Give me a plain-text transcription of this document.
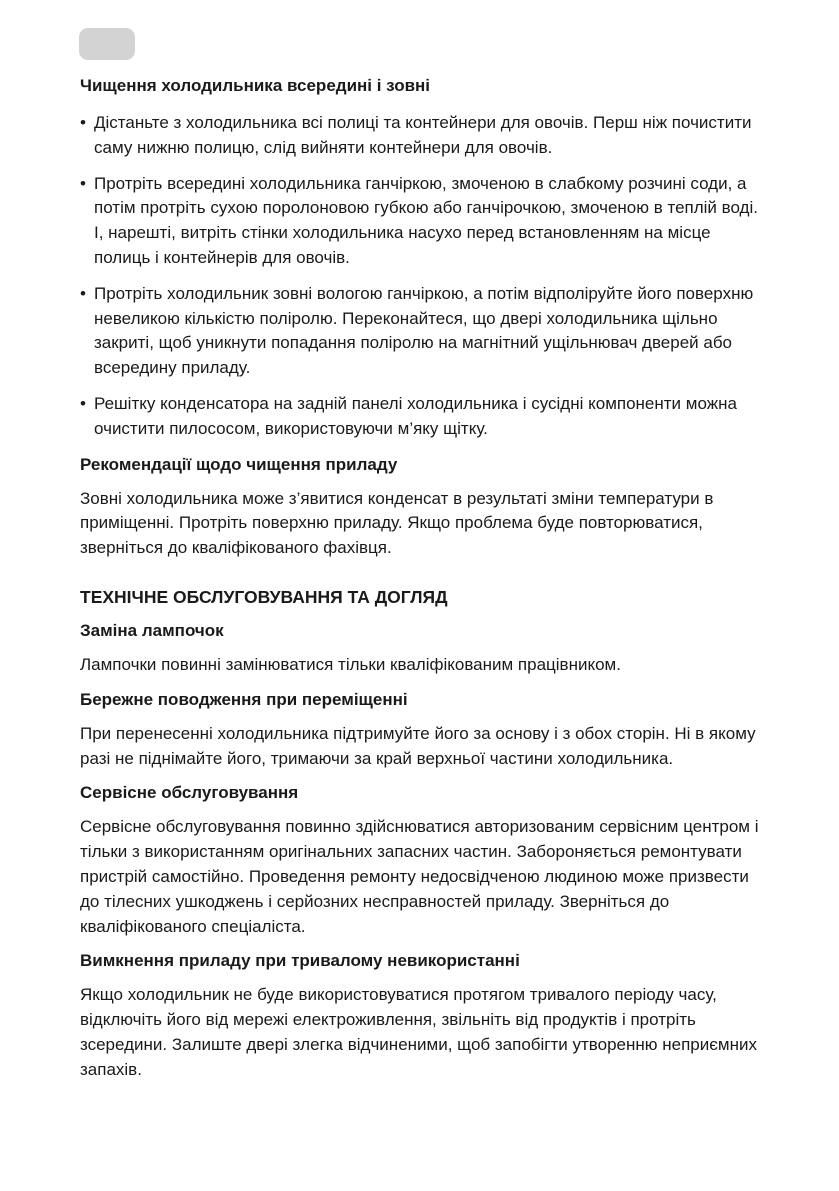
Чищення холодильника всередині і зовні
• Дістаньте з холодильника всі полиці та контейнери для овочів. Перш ніж почистити саму нижню полицю, слід вийняти контейнери для овочів.
• Протріть всередині холодильника ганчіркою, змоченою в слабкому розчині соди, а потім протріть сухою поролоновою губкою або ганчірочкою, змоченою в теплій воді. І, нарешті, витріть стінки холодильника насухо перед встановленням на місце полиць і контейнерів для овочів.
• Протріть холодильник зовні вологою ганчіркою, а потім відполіруйте його поверхню невеликою кількістю поліролю. Переконайтеся, що двері холодильника щільно закриті, щоб уникнути попадання поліролю на магнітний ущільнювач дверей або всередину приладу.
• Решітку конденсатора на задній панелі холодильника і сусідні компоненти можна очистити пилососом, використовуючи м’яку щітку.
Рекомендації щодо чищення приладу

Зовні холодильника може з’явитися конденсат в результаті зміни температури в приміщенні. Протріть поверхню приладу. Якщо проблема буде повторюватися, зверніться до кваліфікованого фахівця.

ТЕХНІЧНЕ ОБСЛУГОВУВАННЯ ТА ДОГЛЯД
Заміна лампочок

Лампочки повинні замінюватися тільки кваліфікованим працівником.

Бережне поводження при переміщенні

При перенесенні холодильника підтримуйте його за основу і з обох сторін. Ні в якому разі не піднімайте його, тримаючи за край верхньої частини холодильника.

Сервісне обслуговування

Сервісне обслуговування повинно здійснюватися авторизованим сервісним центром і тільки з використанням оригінальних запасних частин. Забороняється ремонтувати пристрій самостійно. Проведення ремонту недосвідченою людиною може призвести до тілесних ушкоджень і серйозних несправностей приладу. Зверніться до кваліфікованого спеціаліста.

Вимкнення приладу при тривалому невикористанні

Якщо холодильник не буде використовуватися протягом тривалого періоду часу, відключіть його від мережі електроживлення, звільніть від продуктів і протріть зсередини. Залиште двері злегка відчиненими, щоб запобігти утворенню неприємних запахів.
